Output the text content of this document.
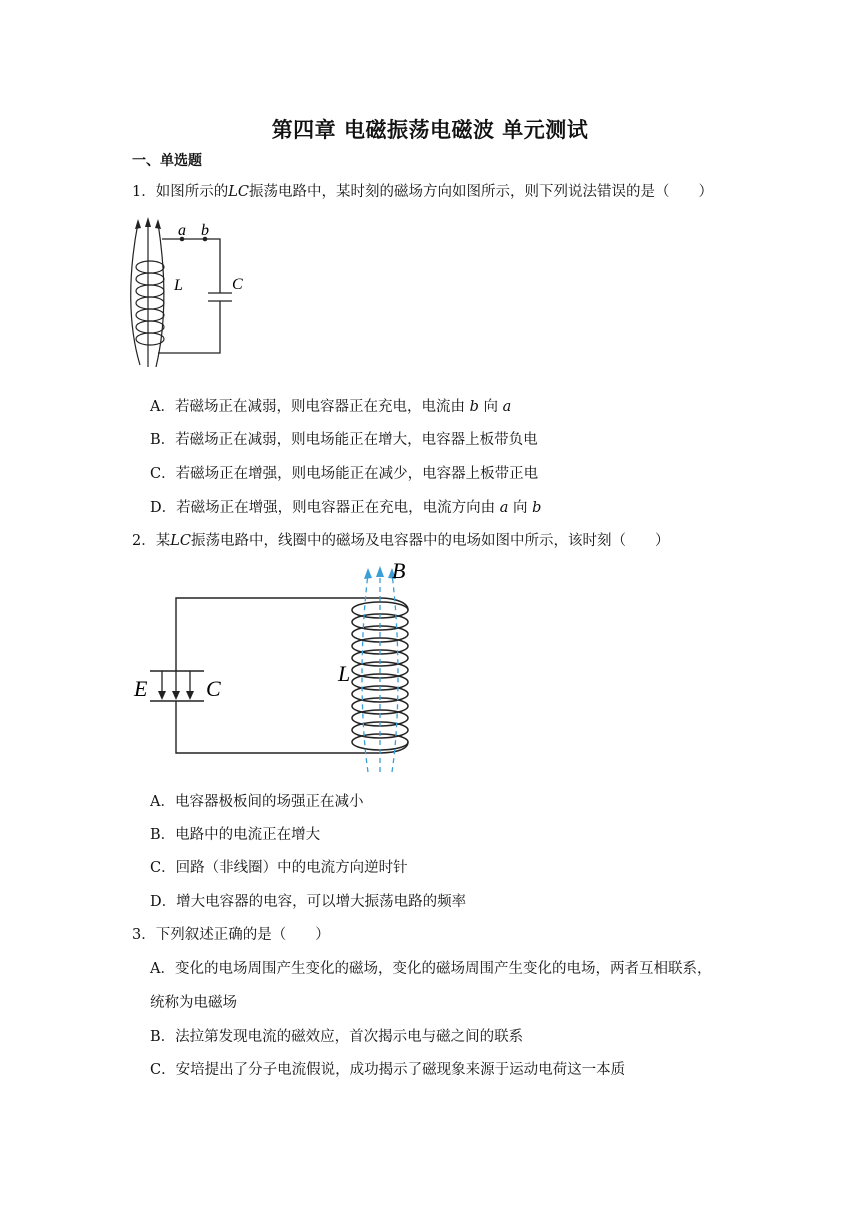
第四章 电磁振荡电磁波 单元测试
一、单选题
1．如图所示的LC振荡电路中，某时刻的磁场方向如图所示，则下列说法错误的是（　　）
a b
L	C
A．若磁场正在减弱，则电容器正在充电，电流由 b 向 a
B．若磁场正在减弱，则电场能正在增大，电容器上板带负电
C．若磁场正在增强，则电场能正在减少，电容器上板带正电
D．若磁场正在增强，则电容器正在充电，电流方向由 a 向 b
2．某LC振荡电路中，线圈中的磁场及电容器中的电场如图中所示，该时刻（　　）
B
E	C
L
A．电容器极板间的场强正在减小
B．电路中的电流正在增大
C．回路（非线圈）中的电流方向逆时针
D．增大电容器的电容，可以增大振荡电路的频率
3．下列叙述正确的是（　　）
A．变化的电场周围产生变化的磁场，变化的磁场周围产生变化的电场，两者互相联系，
统称为电磁场
B．法拉第发现电流的磁效应，首次揭示电与磁之间的联系
C．安培提出了分子电流假说，成功揭示了磁现象来源于运动电荷这一本质
